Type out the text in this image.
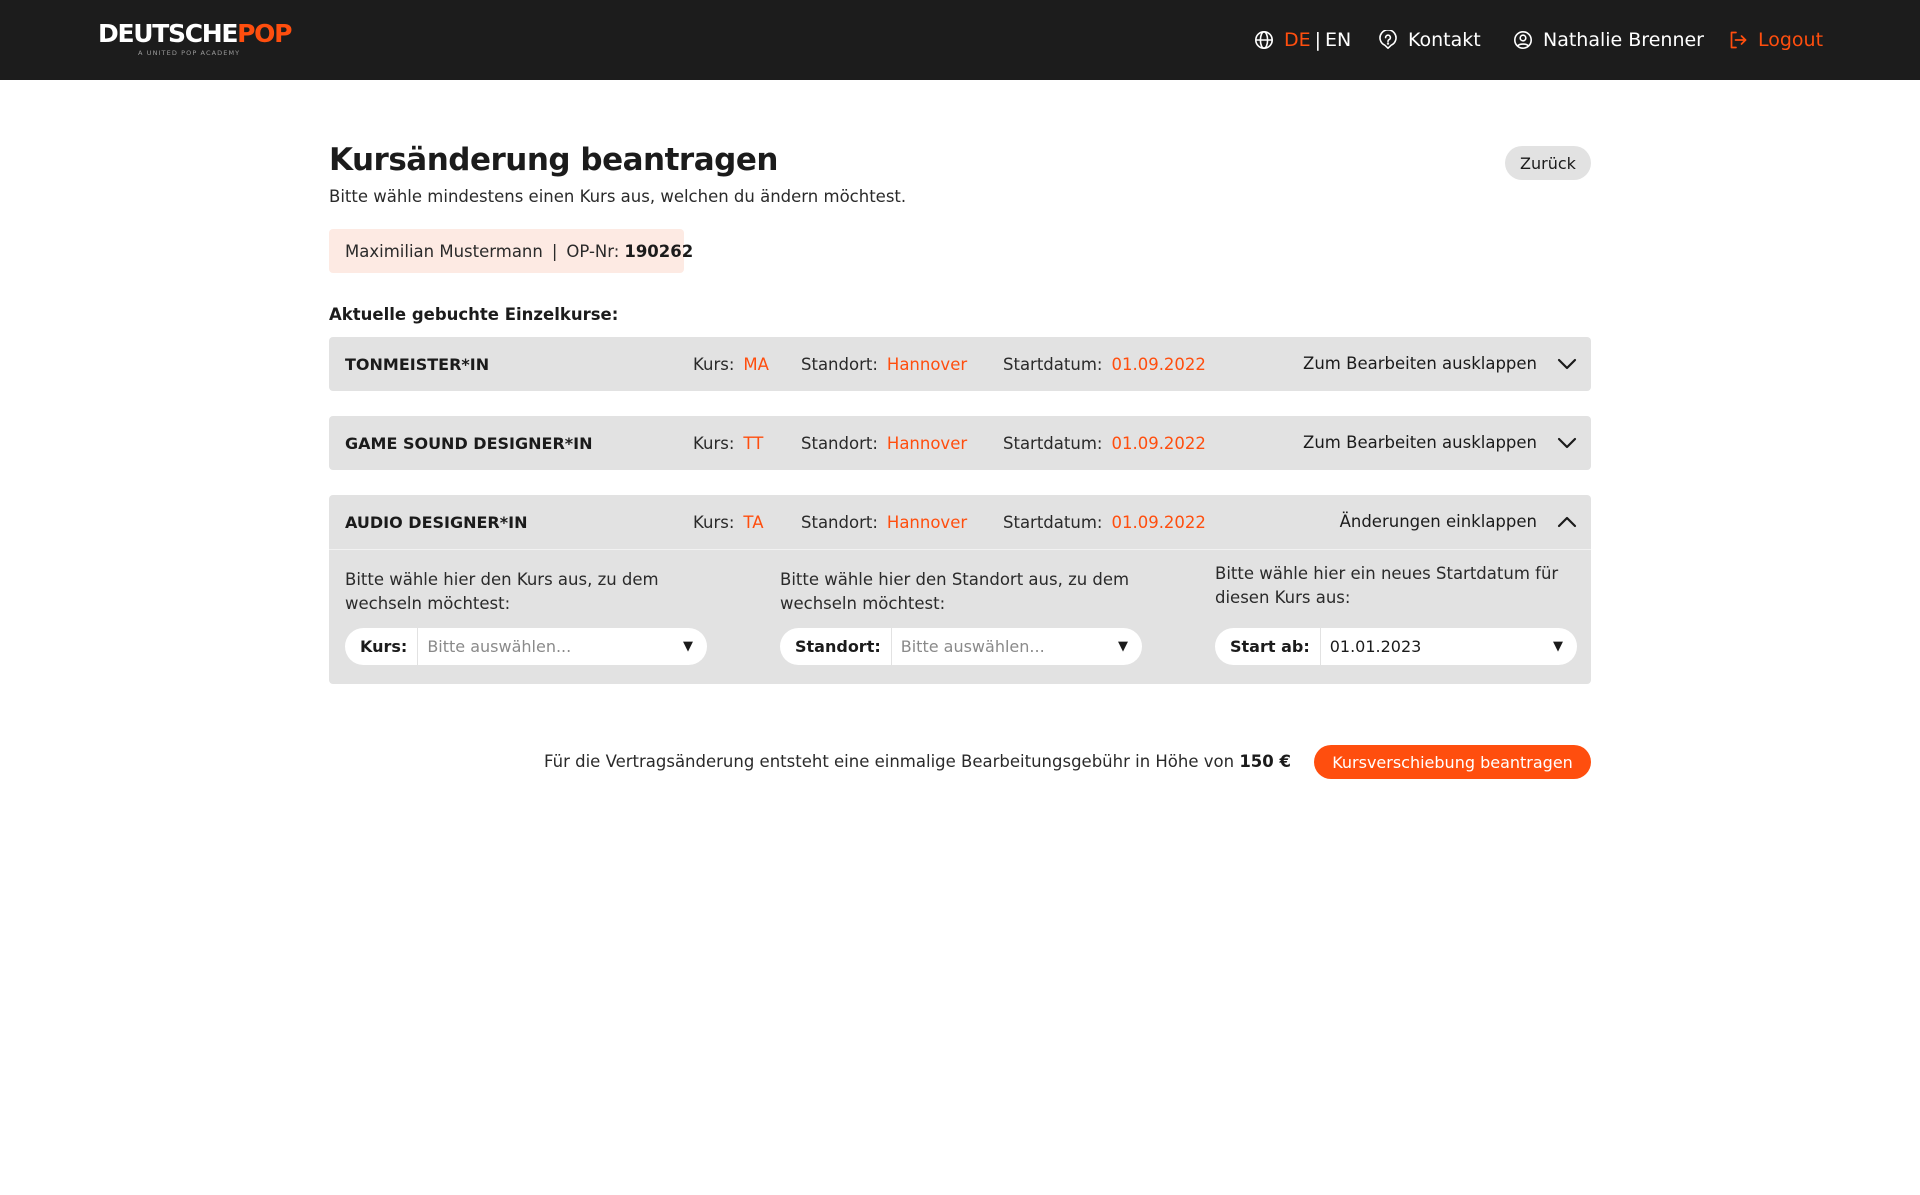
DEUTSCHEPOP
A UNITED POP ACADEMY
DE | EN	Kontakt	Nathalie Brenner	Logout
Kursänderung beantragen

Bitte wähle mindestens einen Kurs aus, welchen du ändern möchtest.

Zurück
Maximilian Mustermann | OP-Nr: 190262
Aktuelle gebuchte Einzelkurse:
TONMEISTER*IN	Kurs: MA Standort: Hannover Startdatum: 01.09.2022	Zum Bearbeiten ausklappen
GAME SOUND DESIGNER*IN	Kurs: TT Standort: Hannover Startdatum: 01.09.2022	Zum Bearbeiten ausklappen
AUDIO DESIGNER*IN	Kurs: TA Standort: Hannover Startdatum: 01.09.2022	Änderungen einklappen
Bitte wähle hier den Kurs aus, zu dem wechseln möchtest:
Kurs:	Bitte auswählen...	▼
Bitte wähle hier den Standort aus, zu dem wechseln möchtest:
Standort:	Bitte auswählen...	▼
Bitte wähle hier ein neues Startdatum für diesen Kurs aus:
Start ab:	01.01.2023	▼
Für die Vertragsänderung entsteht eine einmalige Bearbeitungsgebühr in Höhe von 150 €	Kursverschiebung beantragen
